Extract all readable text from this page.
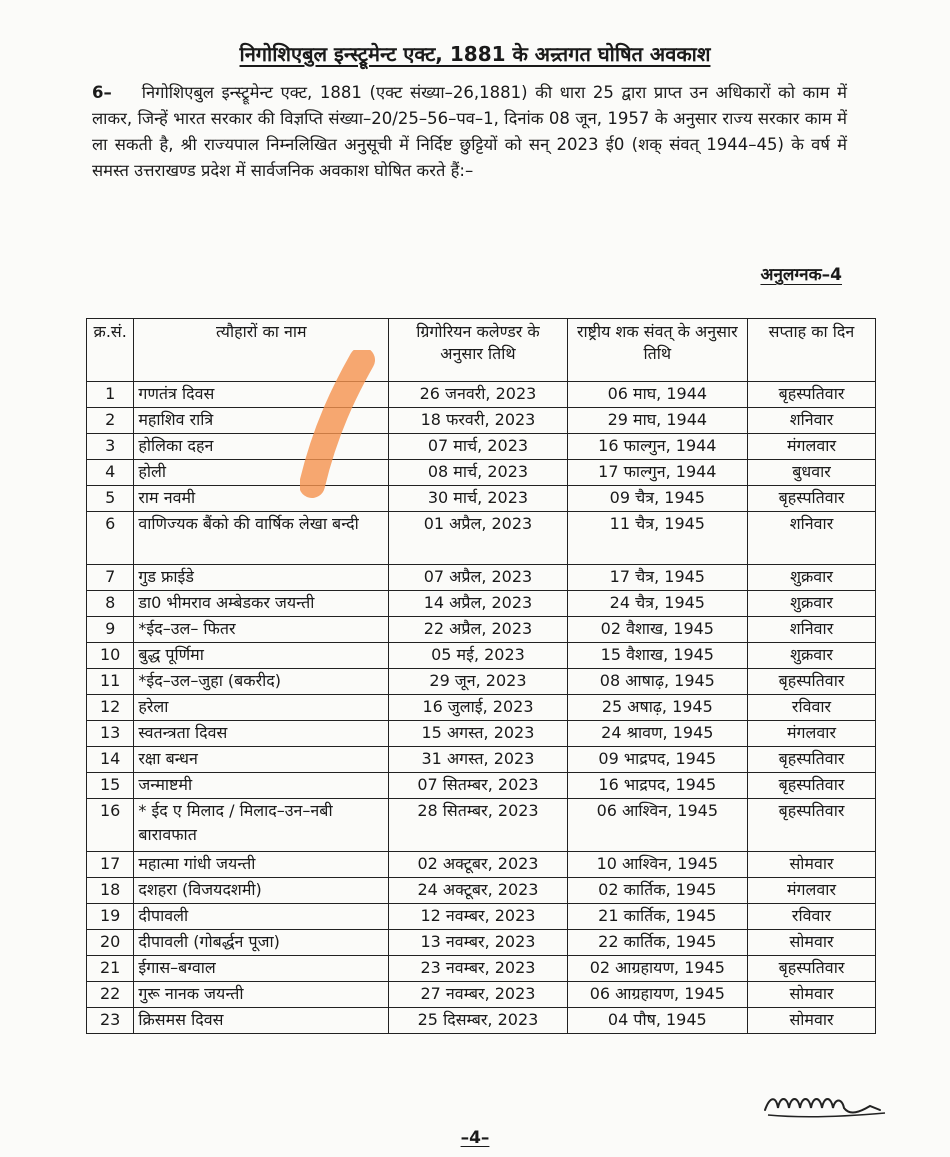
निगोशिएबुल इन्स्ट्रूमेन्ट एक्ट, 1881 के अन्र्तगत घोषित अवकाश
6– निगोशिएबुल इन्स्ट्रूमेन्ट एक्ट, 1881 (एक्ट संख्या–26,1881) की धारा 25 द्वारा प्राप्त उन अधिकारों को काम में लाकर, जिन्हें भारत सरकार की विज्ञप्ति संख्या–20/25–56–पव–1, दिनांक 08 जून, 1957 के अनुसार राज्य सरकार काम में ला सकती है, श्री राज्यपाल निम्नलिखित अनुसूची में निर्दिष्ट छुट्टियों को सन् 2023 ई0 (शक् संवत् 1944–45) के वर्ष में समस्त उत्तराखण्ड प्रदेश में सार्वजनिक अवकाश घोषित करते हैं:–
अनुलग्नक–4
क्र.सं.	त्यौहारों का नाम	ग्रिगोरियन कलेण्डर के अनुसार तिथि	राष्ट्रीय शक संवत् के अनुसार तिथि	सप्ताह का दिन
1	गणतंत्र दिवस	26 जनवरी, 2023	06 माघ, 1944	बृहस्पतिवार
2	महाशिव रात्रि	18 फरवरी, 2023	29 माघ, 1944	शनिवार
3	होलिका दहन	07 मार्च, 2023	16 फाल्गुन, 1944	मंगलवार
4	होली	08 मार्च, 2023	17 फाल्गुन, 1944	बुधवार
5	राम नवमी	30 मार्च, 2023	09 चैत्र, 1945	बृहस्पतिवार
6	वाणिज्यक बैंको की वार्षिक लेखा बन्दी	01 अप्रैल, 2023	11 चैत्र, 1945	शनिवार
7	गुड फ्राईडे	07 अप्रैल, 2023	17 चैत्र, 1945	शुक्रवार
8	डा0 भीमराव अम्बेडकर जयन्ती	14 अप्रैल, 2023	24 चैत्र, 1945	शुक्रवार
9	*ईद–उल– फितर	22 अप्रैल, 2023	02 वैशाख, 1945	शनिवार
10	बुद्ध पूर्णिमा	05 मई, 2023	15 वैशाख, 1945	शुक्रवार
11	*ईद–उल–जुहा (बकरीद)	29 जून, 2023	08 आषाढ़, 1945	बृहस्पतिवार
12	हरेला	16 जुलाई, 2023	25 अषाढ़, 1945	रविवार
13	स्वतन्त्रता दिवस	15 अगस्त, 2023	24 श्रावण, 1945	मंगलवार
14	रक्षा बन्धन	31 अगस्त, 2023	09 भाद्रपद, 1945	बृहस्पतिवार
15	जन्माष्टमी	07 सितम्बर, 2023	16 भाद्रपद, 1945	बृहस्पतिवार
16	* ईद ए मिलाद / मिलाद–उन–नबी बारावफात	28 सितम्बर, 2023	06 आश्विन, 1945	बृहस्पतिवार
17	महात्मा गांधी जयन्ती	02 अक्टूबर, 2023	10 आश्विन, 1945	सोमवार
18	दशहरा (विजयदशमी)	24 अक्टूबर, 2023	02 कार्तिक, 1945	मंगलवार
19	दीपावली	12 नवम्बर, 2023	21 कार्तिक, 1945	रविवार
20	दीपावली (गोबर्द्धन पूजा)	13 नवम्बर, 2023	22 कार्तिक, 1945	सोमवार
21	ईगास–बग्वाल	23 नवम्बर, 2023	02 आग्रहायण, 1945	बृहस्पतिवार
22	गुरू नानक जयन्ती	27 नवम्बर, 2023	06 आग्रहायण, 1945	सोमवार
23	क्रिसमस दिवस	25 दिसम्बर, 2023	04 पौष, 1945	सोमवार
–4–
